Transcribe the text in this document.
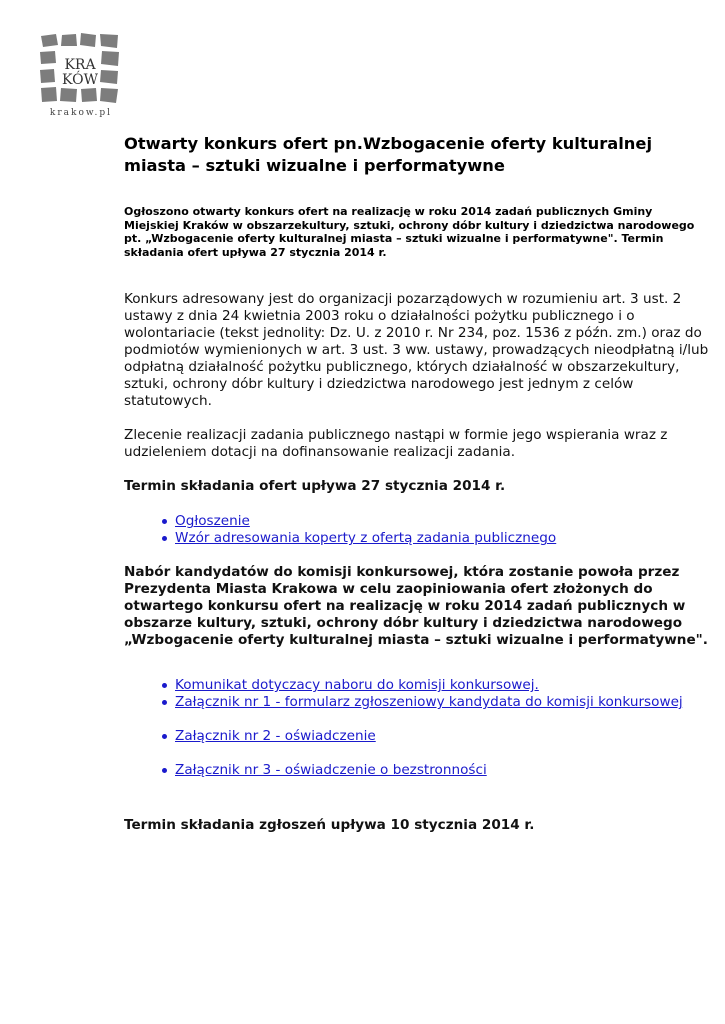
KRA
KÓW
krakow.pl
Otwarty konkurs ofert pn.Wzbogacenie oferty kulturalnej miasta – sztuki wizualne i performatywne

Ogłoszono otwarty konkurs ofert na realizację w roku 2014 zadań publicznych Gminy Miejskiej Kraków w obszarzekultury, sztuki, ochrony dóbr kultury i dziedzictwa narodowego pt. „Wzbogacenie oferty kulturalnej miasta – sztuki wizualne i performatywne". Termin składania ofert upływa 27 stycznia 2014 r.

Konkurs adresowany jest do organizacji pozarządowych w rozumieniu art. 3 ust. 2 ustawy z dnia 24 kwietnia 2003 roku o działalności pożytku publicznego i o wolontariacie (tekst jednolity: Dz. U. z 2010 r. Nr 234, poz. 1536 z późn. zm.) oraz do podmiotów wymienionych w art. 3 ust. 3 ww. ustawy, prowadzących nieodpłatną i/lub odpłatną działalność pożytku publicznego, których działalność w obszarzekultury, sztuki, ochrony dóbr kultury i dziedzictwa narodowego jest jednym z celów statutowych.

Zlecenie realizacji zadania publicznego nastąpi w formie jego wspierania wraz z udzieleniem dotacji na dofinansowanie realizacji zadania.

Termin składania ofert upływa 27 stycznia 2014 r.

Ogłoszenie
Wzór adresowania koperty z ofertą zadania publicznego

Nabór kandydatów do komisji konkursowej, która zostanie powoła przez Prezydenta Miasta Krakowa w celu zaopiniowania ofert złożonych do otwartego konkursu ofert na realizację w roku 2014 zadań publicznych w obszarze kultury, sztuki, ochrony dóbr kultury i dziedzictwa narodowego „Wzbogacenie oferty kulturalnej miasta – sztuki wizualne i performatywne".

Komunikat dotyczacy naboru do komisji konkursowej.
Załącznik nr 1 - formularz zgłoszeniowy kandydata do komisji konkursowej
Załącznik nr 2 - oświadczenie
Załącznik nr 3 - oświadczenie o bezstronności

Termin składania zgłoszeń upływa 10 stycznia 2014 r.
